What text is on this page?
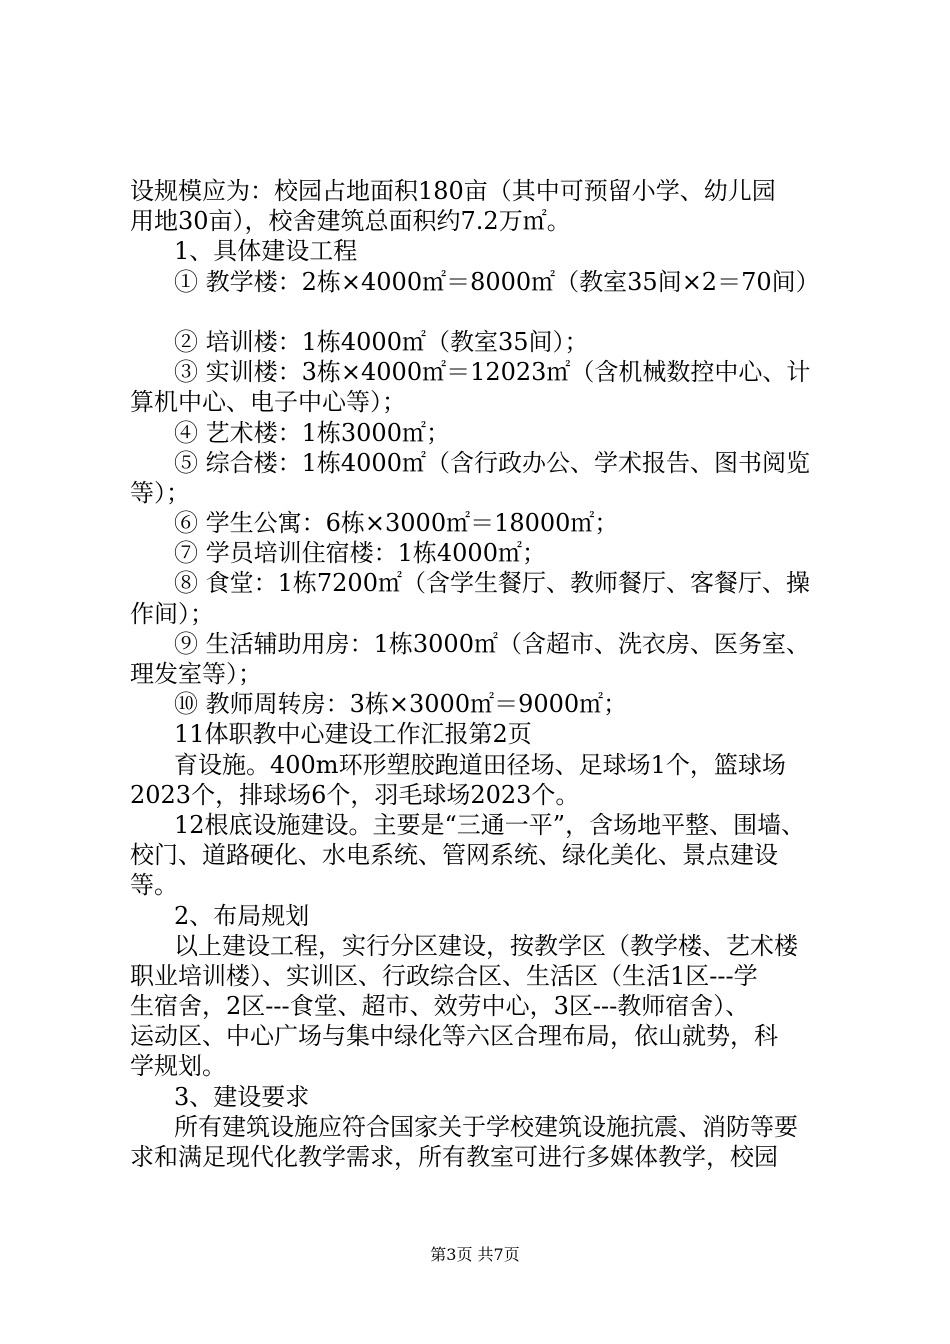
设规模应为：校园占地面积180亩（其中可预留小学、幼儿园
用地30亩），校舍建筑总面积约7.2万㎡。
1、具体建设工程
① 教学楼：2栋×4000㎡＝8000㎡（教室35间×2＝70间）
② 培训楼：1栋4000㎡（教室35间）；
③ 实训楼：3栋×4000㎡＝12023㎡（含机械数控中心、计
算机中心、电子中心等）；
④ 艺术楼：1栋3000㎡；
⑤ 综合楼：1栋4000㎡（含行政办公、学术报告、图书阅览
等）；
⑥ 学生公寓：6栋×3000㎡＝18000㎡；
⑦ 学员培训住宿楼：1栋4000㎡；
⑧ 食堂：1栋7200㎡（含学生餐厅、教师餐厅、客餐厅、操
作间）；
⑨ 生活辅助用房：1栋3000㎡（含超市、洗衣房、医务室、
理发室等）；
⑩ 教师周转房：3栋×3000㎡＝9000㎡；
11体职教中心建设工作汇报第2页
育设施。400m环形塑胶跑道田径场、足球场1个，篮球场
2023个，排球场6个，羽毛球场2023个。
12根底设施建设。主要是“三通一平”，含场地平整、围墙、
校门、道路硬化、水电系统、管网系统、绿化美化、景点建设
等。
2、布局规划
以上建设工程，实行分区建设，按教学区（教学楼、艺术楼
职业培训楼）、实训区、行政综合区、生活区（生活1区---学
生宿舍，2区---食堂、超市、效劳中心，3区---教师宿舍）、
运动区、中心广场与集中绿化等六区合理布局，依山就势，科
学规划。
3、建设要求
所有建筑设施应符合国家关于学校建筑设施抗震、消防等要
求和满足现代化教学需求，所有教室可进行多媒体教学，校园
第3页 共7页
